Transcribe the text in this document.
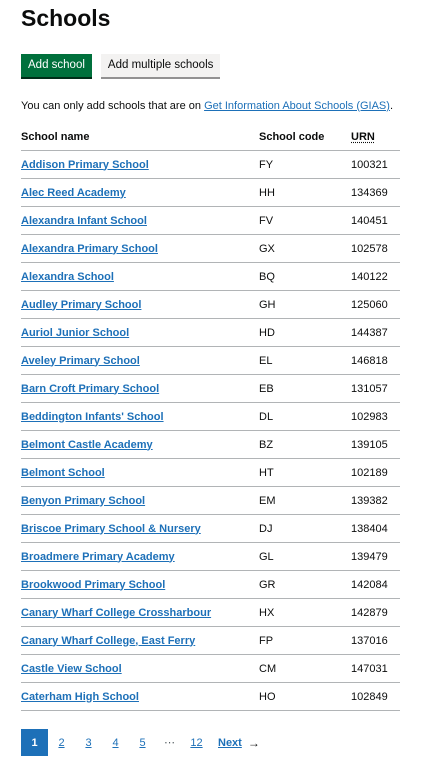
Schools
Add school	Add multiple schools

You can only add schools that are on Get Information About Schools (GIAS).

School name	School code	URN
Addison Primary School	FY	100321
Alec Reed Academy	HH	134369
Alexandra Infant School	FV	140451
Alexandra Primary School	GX	102578
Alexandra School	BQ	140122
Audley Primary School	GH	125060
Auriol Junior School	HD	144387
Aveley Primary School	EL	146818
Barn Croft Primary School	EB	131057
Beddington Infants' School	DL	102983
Belmont Castle Academy	BZ	139105
Belmont School	HT	102189
Benyon Primary School	EM	139382
Briscoe Primary School & Nursery	DJ	138404
Broadmere Primary Academy	GL	139479
Brookwood Primary School	GR	142084
Canary Wharf College Crossharbour	HX	142879
Canary Wharf College, East Ferry	FP	137016
Castle View School	CM	147031
Caterham High School	HO	102849
1 2 3 4 5	⋯	12 Next →
